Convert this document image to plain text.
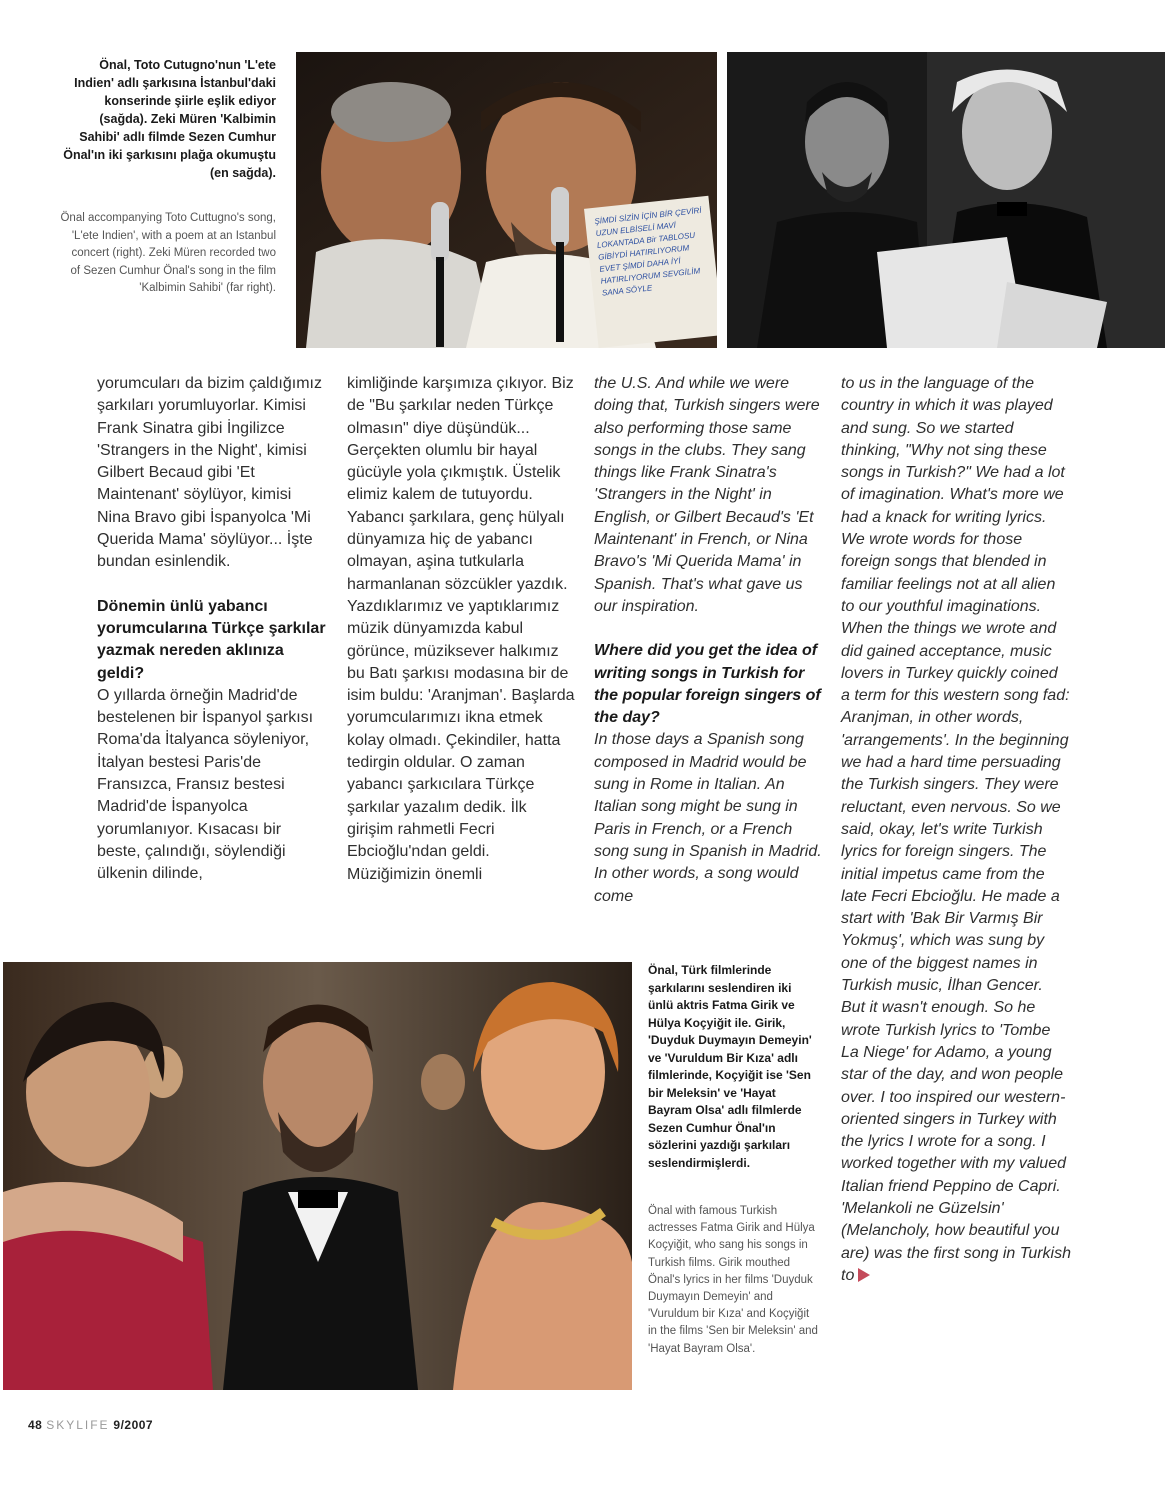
Önal, Toto Cutugno'nun 'L'ete Indien' adlı şarkısına İstanbul'daki konserinde şiirle eşlik ediyor (sağda). Zeki Müren 'Kalbimin Sahibi' adlı filmde Sezen Cumhur Önal'ın iki şarkısını plağa okumuştu (en sağda).
Önal accompanying Toto Cuttugno's song, 'L'ete Indien', with a poem at an Istanbul concert (right). Zeki Müren recorded two of Sezen Cumhur Önal's song in the film 'Kalbimin Sahibi' (far right).
ŞİMDİ SİZİN İÇİN BİR ÇEVİRİ UZUN ELBİSELİ MAVİ LOKANTADA Bir TABLOSU GİBİYDİ HATIRLIYORUM EVET ŞİMDİ DAHA İYİ HATIRLIYORUM SEVGİLİM SANA SÖYLE

yorumcuları da bizim çaldığımız şarkıları yorumluyorlar. Kimisi Frank Sinatra gibi İngilizce 'Strangers in the Night', kimisi Gilbert Becaud gibi 'Et Maintenant' söylüyor, kimisi Nina Bravo gibi İspanyolca 'Mi Querida Mama' söylüyor... İşte bundan esinlendik.

Dönemin ünlü yabancı yorumcularına Türkçe şarkılar yazmak nereden aklınıza geldi?

O yıllarda örneğin Madrid'de bestelenen bir İspanyol şarkısı Roma'da İtalyanca söyleniyor, İtalyan bestesi Paris'de Fransızca, Fransız bestesi Madrid'de İspanyolca yorumlanıyor. Kısacası bir beste, çalındığı, söylendiği ülkenin dilinde,

kimliğinde karşımıza çıkıyor. Biz de "Bu şarkılar neden Türkçe olmasın" diye düşündük... Gerçekten olumlu bir hayal gücüyle yola çıkmıştık. Üstelik elimiz kalem de tutuyordu. Yabancı şarkılara, genç hülyalı dünyamıza hiç de yabancı olmayan, aşina tutkularla harmanlanan sözcükler yazdık. Yazdıklarımız ve yaptıklarımız müzik dünyamızda kabul görünce, müziksever halkımız bu Batı şarkısı modasına bir de isim buldu: 'Aranjman'. Başlarda yorumcularımızı ikna etmek kolay olmadı. Çekindiler, hatta tedirgin oldular. O zaman yabancı şarkıcılara Türkçe şarkılar yazalım dedik. İlk girişim rahmetli Fecri Ebcioğlu'ndan geldi. Müziğimizin önemli

the U.S. And while we were doing that, Turkish singers were also performing those same songs in the clubs. They sang things like Frank Sinatra's 'Strangers in the Night' in English, or Gilbert Becaud's 'Et Maintenant' in French, or Nina Bravo's 'Mi Querida Mama' in Spanish. That's what gave us our inspiration.

Where did you get the idea of writing songs in Turkish for the popular foreign singers of the day?

In those days a Spanish song composed in Madrid would be sung in Rome in Italian. An Italian song might be sung in Paris in French, or a French song sung in Spanish in Madrid. In other words, a song would come

to us in the language of the country in which it was played and sung. So we started thinking, "Why not sing these songs in Turkish?" We had a lot of imagination. What's more we had a knack for writing lyrics. We wrote words for those foreign songs that blended in familiar feelings not at all alien to our youthful imaginations. When the things we wrote and did gained acceptance, music lovers in Turkey quickly coined a term for this western song fad: Aranjman, in other words, 'arrangements'. In the beginning we had a hard time persuading the Turkish singers. They were reluctant, even nervous. So we said, okay, let's write Turkish lyrics for foreign singers. The initial impetus came from the late Fecri Ebcioğlu. He made a start with 'Bak Bir Varmış Bir Yokmuş', which was sung by one of the biggest names in Turkish music, İlhan Gencer. But it wasn't enough. So he wrote Turkish lyrics to 'Tombe La Niege' for Adamo, a young star of the day, and won people over. I too inspired our western-oriented singers in Turkey with the lyrics I wrote for a song. I worked together with my valued Italian friend Peppino de Capri. 'Melankoli ne Güzelsin' (Melancholy, how beautiful you are) was the first song in Turkish to

Önal, Türk filmlerinde şarkılarını seslendiren iki ünlü aktris Fatma Girik ve Hülya Koçyiğit ile. Girik, 'Duyduk Duymayın Demeyin' ve 'Vuruldum Bir Kıza' adlı filmlerinde, Koçyiğit ise 'Sen bir Meleksin' ve 'Hayat Bayram Olsa' adlı filmlerde Sezen Cumhur Önal'ın sözlerini yazdığı şarkıları seslendirmişlerdi.
Önal with famous Turkish actresses Fatma Girik and Hülya Koçyiğit, who sang his songs in Turkish films. Girik mouthed Önal's lyrics in her films 'Duyduk Duymayın Demeyin' and 'Vuruldum bir Kıza' and Koçyiğit in the films 'Sen bir Meleksin' and 'Hayat Bayram Olsa'.
48 SKYLIFE 9/2007
